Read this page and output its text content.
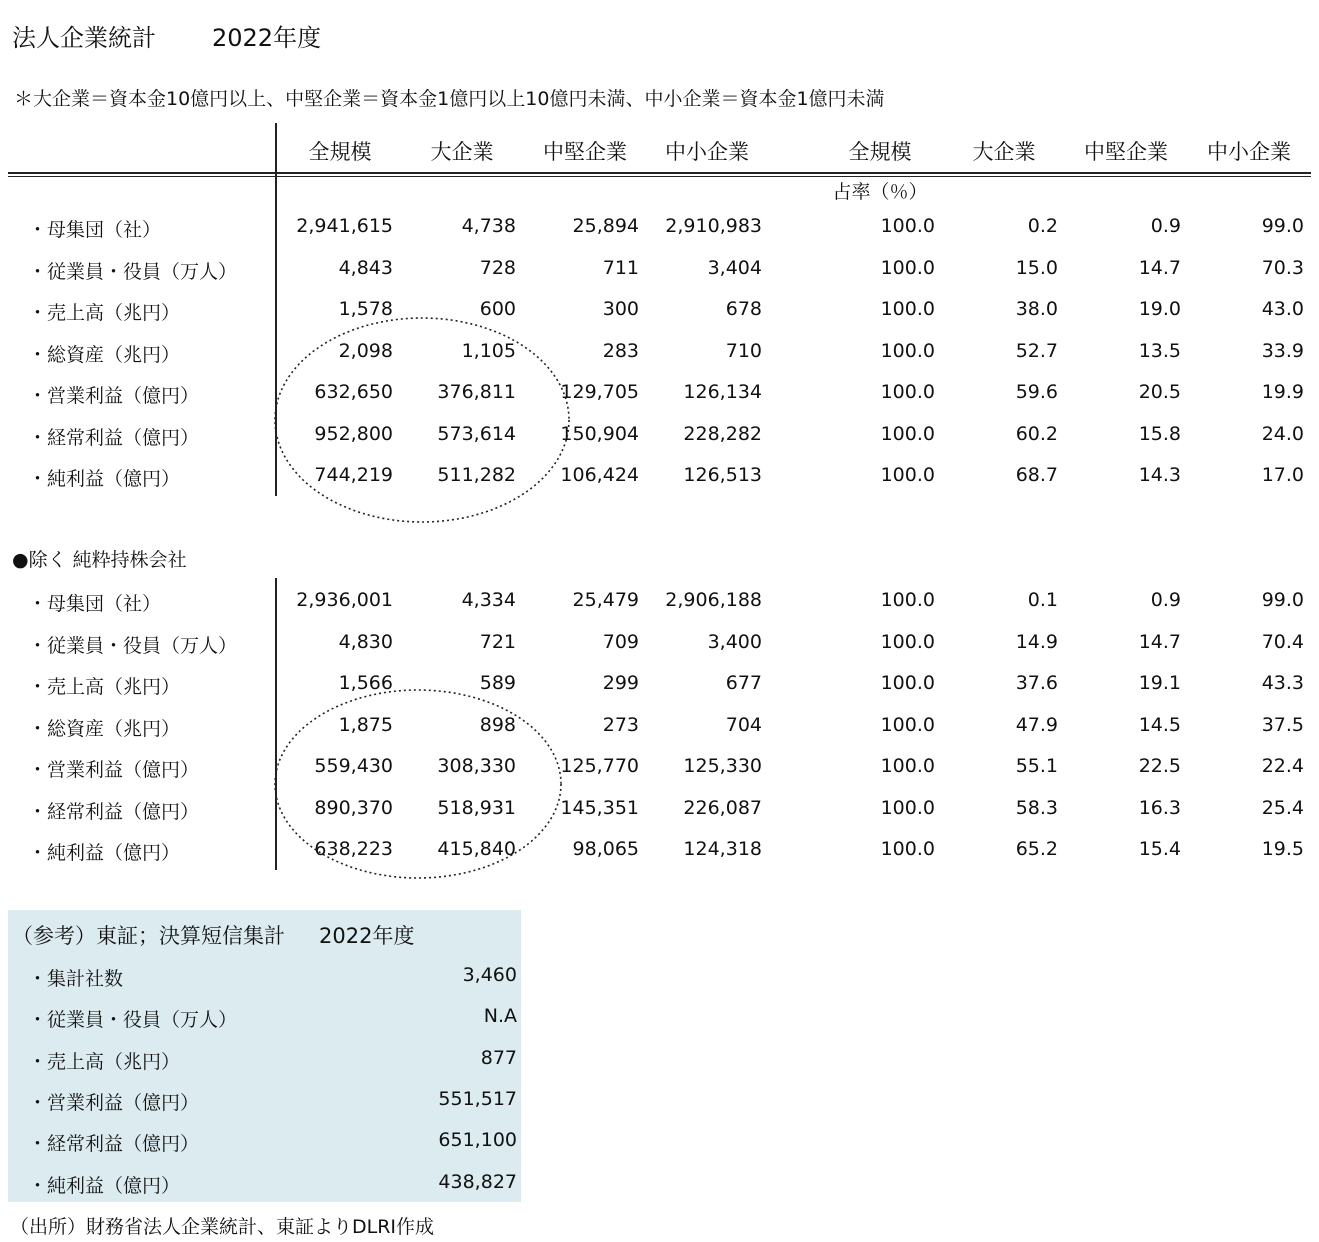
法人企業統計 2022年度
＊大企業＝資本金10億円以上、中堅企業＝資本金1億円以上10億円未満、中小企業＝資本金1億円未満
全規模	大企業	中堅企業	中小企業	全規模	大企業	中堅企業	中小企業
占率（％）
・母集団（社）	2,941,615	4,738	25,894	2,910,983	100.0	0.2	0.9	99.0
・従業員・役員（万人）	4,843	728	711	3,404	100.0	15.0	14.7	70.3
・売上高（兆円）	1,578	600	300	678	100.0	38.0	19.0	43.0
・総資産（兆円）	2,098	1,105	283	710	100.0	52.7	13.5	33.9
・営業利益（億円）	632,650	376,811	129,705	126,134	100.0	59.6	20.5	19.9
・経常利益（億円）	952,800	573,614	150,904	228,282	100.0	60.2	15.8	24.0
・純利益（億円）	744,219	511,282	106,424	126,513	100.0	68.7	14.3	17.0
●除く 純粋持株会社
・母集団（社）	2,936,001	4,334	25,479	2,906,188	100.0	0.1	0.9	99.0
・従業員・役員（万人）	4,830	721	709	3,400	100.0	14.9	14.7	70.4
・売上高（兆円）	1,566	589	299	677	100.0	37.6	19.1	43.3
・総資産（兆円）	1,875	898	273	704	100.0	47.9	14.5	37.5
・営業利益（億円）	559,430	308,330	125,770	125,330	100.0	55.1	22.5	22.4
・経常利益（億円）	890,370	518,931	145,351	226,087	100.0	58.3	16.3	25.4
・純利益（億円）	638,223	415,840	98,065	124,318	100.0	65.2	15.4	19.5
（参考）東証；決算短信集計 2022年度
・集計社数	3,460
・従業員・役員（万人）	N.A
・売上高（兆円）	877
・営業利益（億円）	551,517
・経常利益（億円）	651,100
・純利益（億円）	438,827
（出所）財務省法人企業統計、東証よりDLRI作成
